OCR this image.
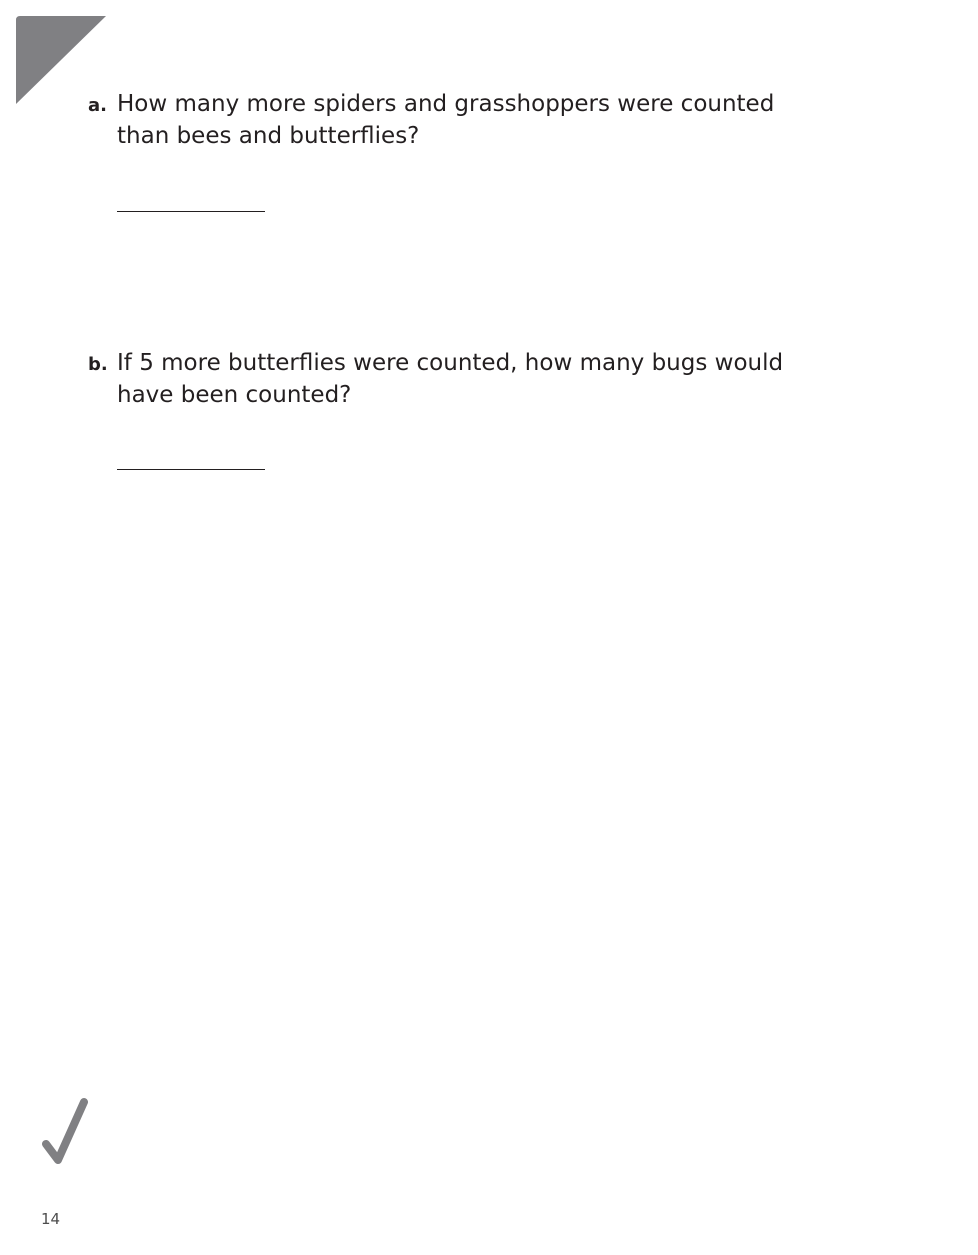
a. How many more spiders and grasshoppers were counted than bees and butterflies?
b. If 5 more butterflies were counted, how many bugs would have been counted?
14
